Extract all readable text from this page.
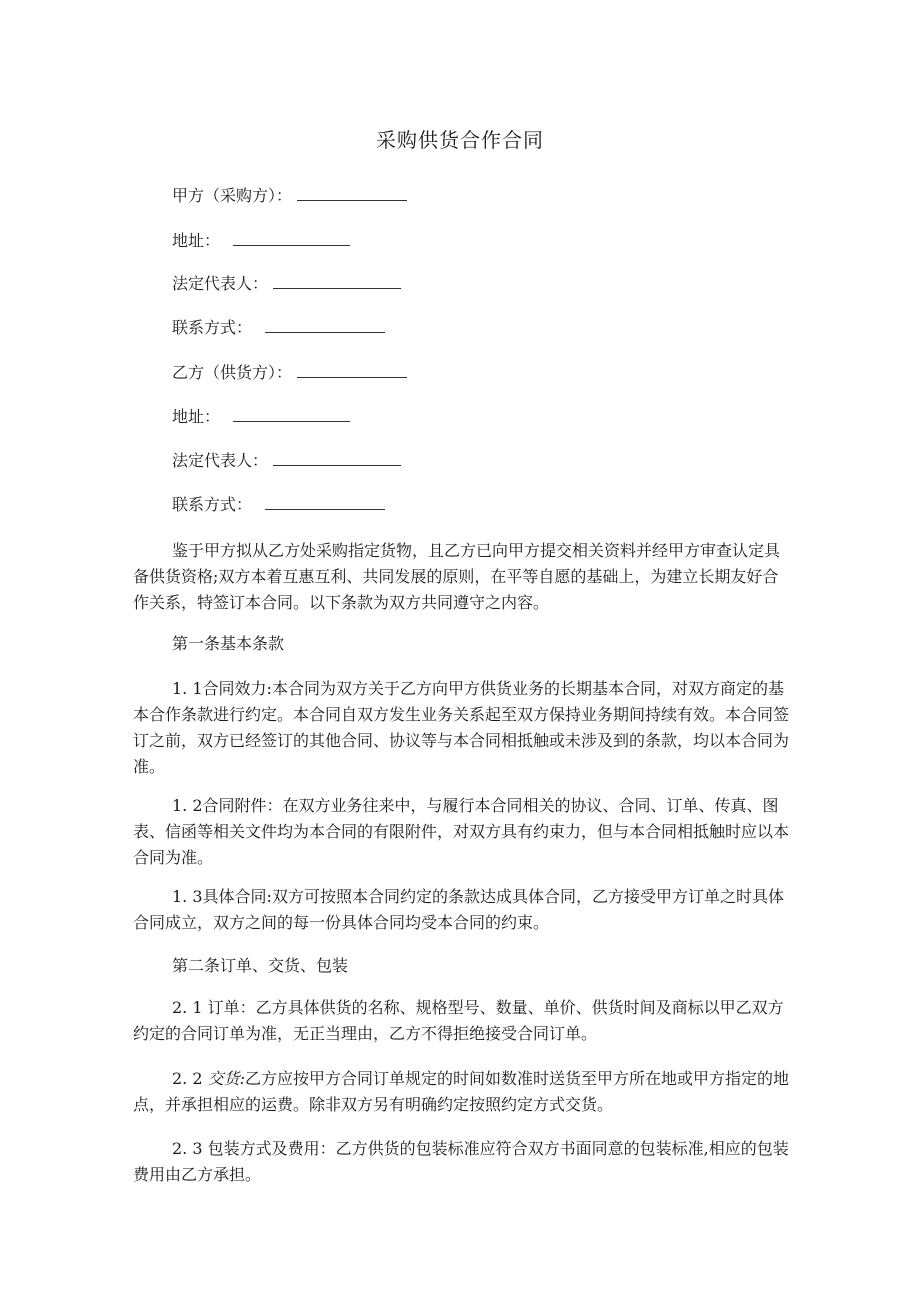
采购供货合作合同
甲方（采购方）：
地址：
法定代表人：
联系方式：
乙方（供货方）：
地址：
法定代表人：
联系方式：

鉴于甲方拟从乙方处采购指定货物，且乙方已向甲方提交相关资料并经甲方审查认定具备供货资格;双方本着互惠互利、共同发展的原则，在平等自愿的基础上，为建立长期友好合作关系，特签订本合同。以下条款为双方共同遵守之内容。

第一条基本条款

1. 1合同效力:本合同为双方关于乙方向甲方供货业务的长期基本合同，对双方商定的基本合作条款进行约定。本合同自双方发生业务关系起至双方保持业务期间持续有效。本合同签订之前，双方已经签订的其他合同、协议等与本合同相抵触或未涉及到的条款，均以本合同为准。

1. 2合同附件：在双方业务往来中，与履行本合同相关的协议、合同、订单、传真、图表、信函等相关文件均为本合同的有限附件，对双方具有约束力，但与本合同相抵触时应以本合同为准。

1. 3具体合同:双方可按照本合同约定的条款达成具体合同，乙方接受甲方订单之时具体合同成立，双方之间的每一份具体合同均受本合同的约束。

第二条订单、交货、包装

2. 1 订单：乙方具体供货的名称、规格型号、数量、单价、供货时间及商标以甲乙双方约定的合同订单为准，无正当理由，乙方不得拒绝接受合同订单。

2. 2 交货:乙方应按甲方合同订单规定的时间如数准时送货至甲方所在地或甲方指定的地点，并承担相应的运费。除非双方另有明确约定按照约定方式交货。

2. 3 包装方式及费用：乙方供货的包装标准应符合双方书面同意的包装标准,相应的包装费用由乙方承担。
